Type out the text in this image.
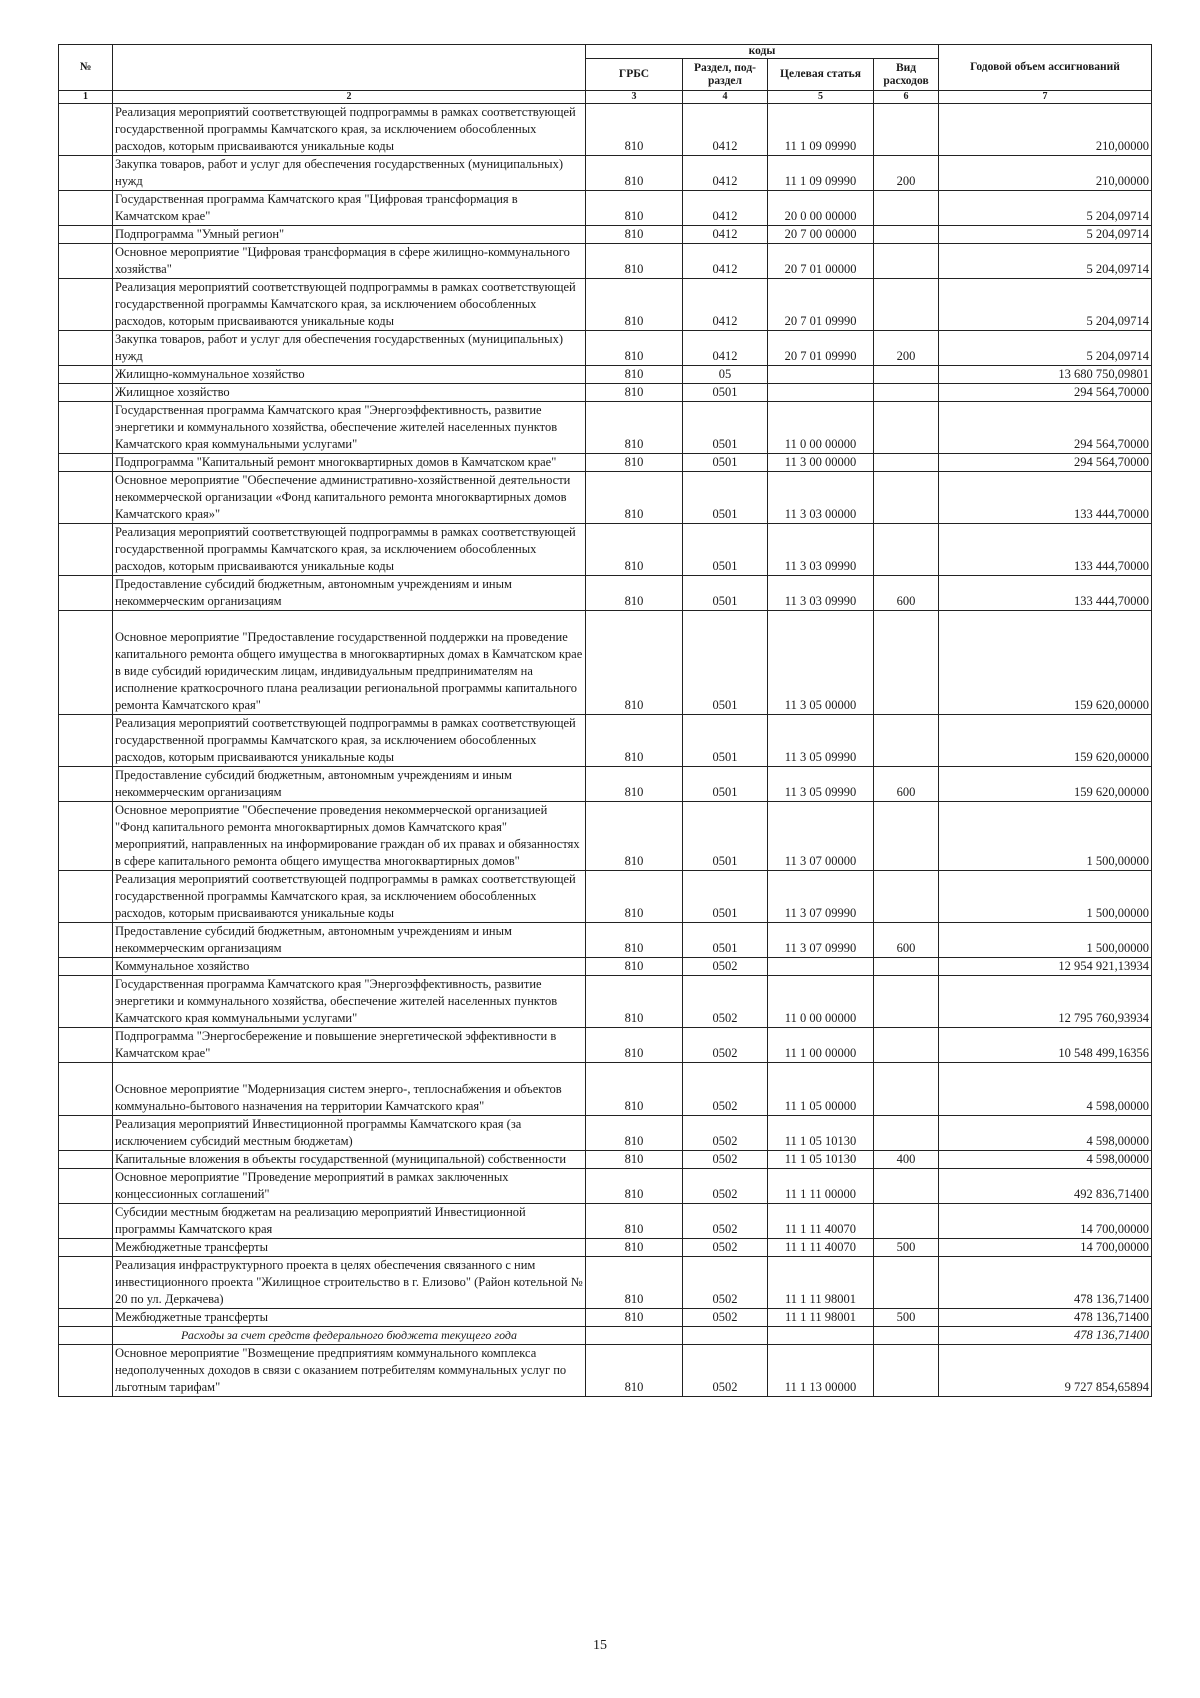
№		коды				Годовой объем ассигнований
		ГРБС	Раздел, под-раздел	Целевая статья	Вид расходов	
1	2	3	4	5	6	7
	Реализация мероприятий соответствующей подпрограммы в рамках соответствующей государственной программы Камчатского края, за исключением обособленных расходов, которым присваиваются уникальные коды	810	0412	11 1 09 09990		210,00000
	Закупка товаров, работ и услуг для обеспечения государственных (муниципальных) нужд	810	0412	11 1 09 09990	200	210,00000
	Государственная программа Камчатского края "Цифровая трансформация в Камчатском крае"	810	0412	20 0 00 00000		5 204,09714
	Подпрограмма "Умный регион"	810	0412	20 7 00 00000		5 204,09714
	Основное мероприятие "Цифровая трансформация в сфере жилищно-коммунального хозяйства"	810	0412	20 7 01 00000		5 204,09714
	Реализация мероприятий соответствующей подпрограммы в рамках соответствующей государственной программы Камчатского края, за исключением обособленных расходов, которым присваиваются уникальные коды	810	0412	20 7 01 09990		5 204,09714
	Закупка товаров, работ и услуг для обеспечения государственных (муниципальных) нужд	810	0412	20 7 01 09990	200	5 204,09714
	Жилищно-коммунальное хозяйство	810	05			13 680 750,09801
	Жилищное хозяйство	810	0501			294 564,70000
	Государственная программа Камчатского края "Энергоэффективность, развитие энергетики и коммунального хозяйства, обеспечение жителей населенных пунктов Камчатского края коммунальными услугами"	810	0501	11 0 00 00000		294 564,70000
	Подпрограмма "Капитальный ремонт многоквартирных домов в Камчатском крае"	810	0501	11 3 00 00000		294 564,70000
	Основное мероприятие "Обеспечение административно-хозяйственной деятельности некоммерческой организации «Фонд капитального ремонта многоквартирных домов Камчатского края»"	810	0501	11 3 03 00000		133 444,70000
	Реализация мероприятий соответствующей подпрограммы в рамках соответствующей государственной программы Камчатского края, за исключением обособленных расходов, которым присваиваются уникальные коды	810	0501	11 3 03 09990		133 444,70000
	Предоставление субсидий бюджетным, автономным учреждениям и иным некоммерческим организациям	810	0501	11 3 03 09990	600	133 444,70000
	Основное мероприятие "Предоставление государственной поддержки на проведение капитального ремонта общего имущества в многоквартирных домах в Камчатском крае в виде субсидий юридическим лицам, индивидуальным предпринимателям на исполнение краткосрочного плана реализации региональной программы капитального ремонта Камчатского края"	810	0501	11 3 05 00000		159 620,00000
	Реализация мероприятий соответствующей подпрограммы в рамках соответствующей государственной программы Камчатского края, за исключением обособленных расходов, которым присваиваются уникальные коды	810	0501	11 3 05 09990		159 620,00000
	Предоставление субсидий бюджетным, автономным учреждениям и иным некоммерческим организациям	810	0501	11 3 05 09990	600	159 620,00000
	Основное мероприятие "Обеспечение проведения некоммерческой организацией "Фонд капитального ремонта многоквартирных домов Камчатского края" мероприятий, направленных на информирование граждан об их правах и обязанностях в сфере капитального ремонта общего имущества многоквартирных домов"	810	0501	11 3 07 00000		1 500,00000
	Реализация мероприятий соответствующей подпрограммы в рамках соответствующей государственной программы Камчатского края, за исключением обособленных расходов, которым присваиваются уникальные коды	810	0501	11 3 07 09990		1 500,00000
	Предоставление субсидий бюджетным, автономным учреждениям и иным некоммерческим организациям	810	0501	11 3 07 09990	600	1 500,00000
	Коммунальное хозяйство	810	0502			12 954 921,13934
	Государственная программа Камчатского края "Энергоэффективность, развитие энергетики и коммунального хозяйства, обеспечение жителей населенных пунктов Камчатского края коммунальными услугами"	810	0502	11 0 00 00000		12 795 760,93934
	Подпрограмма "Энергосбережение и повышение энергетической эффективности в Камчатском крае"	810	0502	11 1 00 00000		10 548 499,16356
	Основное мероприятие "Модернизация систем энерго-, теплоснабжения и объектов коммунально-бытового назначения на территории Камчатского края"	810	0502	11 1 05 00000		4 598,00000
	Реализация мероприятий Инвестиционной программы Камчатского края (за исключением субсидий местным бюджетам)	810	0502	11 1 05 10130		4 598,00000
	Капитальные вложения в объекты государственной (муниципальной) собственности	810	0502	11 1 05 10130	400	4 598,00000
	Основное мероприятие "Проведение мероприятий в рамках заключенных концессионных соглашений"	810	0502	11 1 11 00000		492 836,71400
	Субсидии местным бюджетам на реализацию мероприятий Инвестиционной программы Камчатского края	810	0502	11 1 11 40070		14 700,00000
	Межбюджетные трансферты	810	0502	11 1 11 40070	500	14 700,00000
	Реализация инфраструктурного проекта в целях обеспечения связанного с ним инвестиционного проекта "Жилищное строительство в г. Елизово" (Район котельной № 20 по ул. Деркачева)	810	0502	11 1 11 98001		478 136,71400
	Межбюджетные трансферты	810	0502	11 1 11 98001	500	478 136,71400
	Расходы за счет средств федерального бюджета текущего года					478 136,71400
	Основное мероприятие "Возмещение предприятиям коммунального комплекса недополученных доходов в связи с оказанием потребителям коммунальных услуг по льготным тарифам"	810	0502	11 1 13 00000		9 727 854,65894
15
